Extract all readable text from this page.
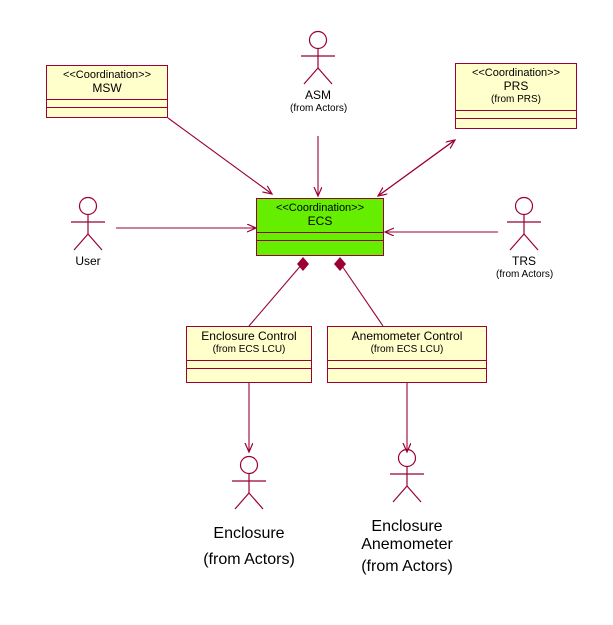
<<Coordination>>
MSW
<<Coordination>>
PRS
(from PRS)
<<Coordination>>
ECS
Enclosure Control
(from ECS LCU)
Anemometer Control
(from ECS LCU)
ASM
(from Actors)
User	TRS
(from Actors)
Enclosure
(from Actors)
Enclosure
Anemometer
(from Actors)
